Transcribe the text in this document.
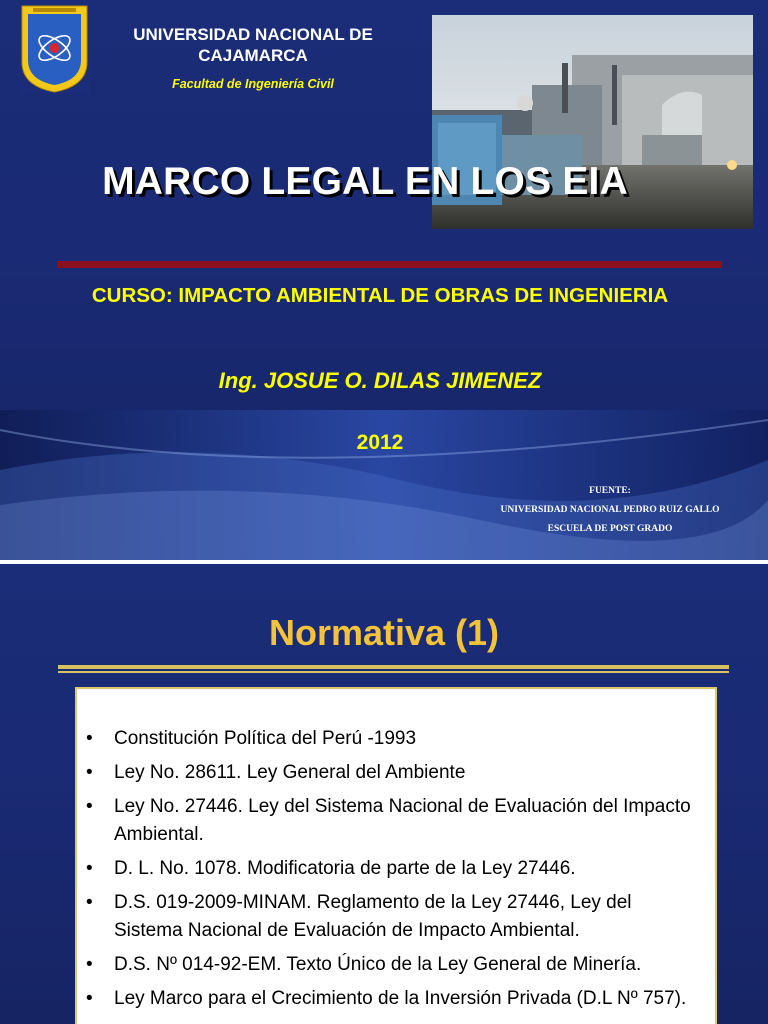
UNIVERSIDAD NACIONAL DE CAJAMARCA
Facultad de Ingeniería Civil
MARCO LEGAL EN LOS EIA
CURSO: IMPACTO AMBIENTAL DE OBRAS DE INGENIERIA
Ing. JOSUE O. DILAS JIMENEZ
2012
FUENTE:
UNIVERSIDAD NACIONAL PEDRO RUIZ GALLO
ESCUELA DE POST GRADO
Normativa (1)
• Constitución Política del Perú -1993
• Ley No. 28611. Ley General del Ambiente
• Ley No. 27446. Ley del Sistema Nacional de Evaluación del Impacto Ambiental.
• D. L. No. 1078. Modificatoria de parte de la Ley 27446.
• D.S. 019-2009-MINAM. Reglamento de la Ley 27446, Ley del Sistema Nacional de Evaluación de Impacto Ambiental.
• D.S. Nº 014-92-EM. Texto Único de la Ley General de Minería.
• Ley Marco para el Crecimiento de la Inversión Privada (D.L Nº 757).
